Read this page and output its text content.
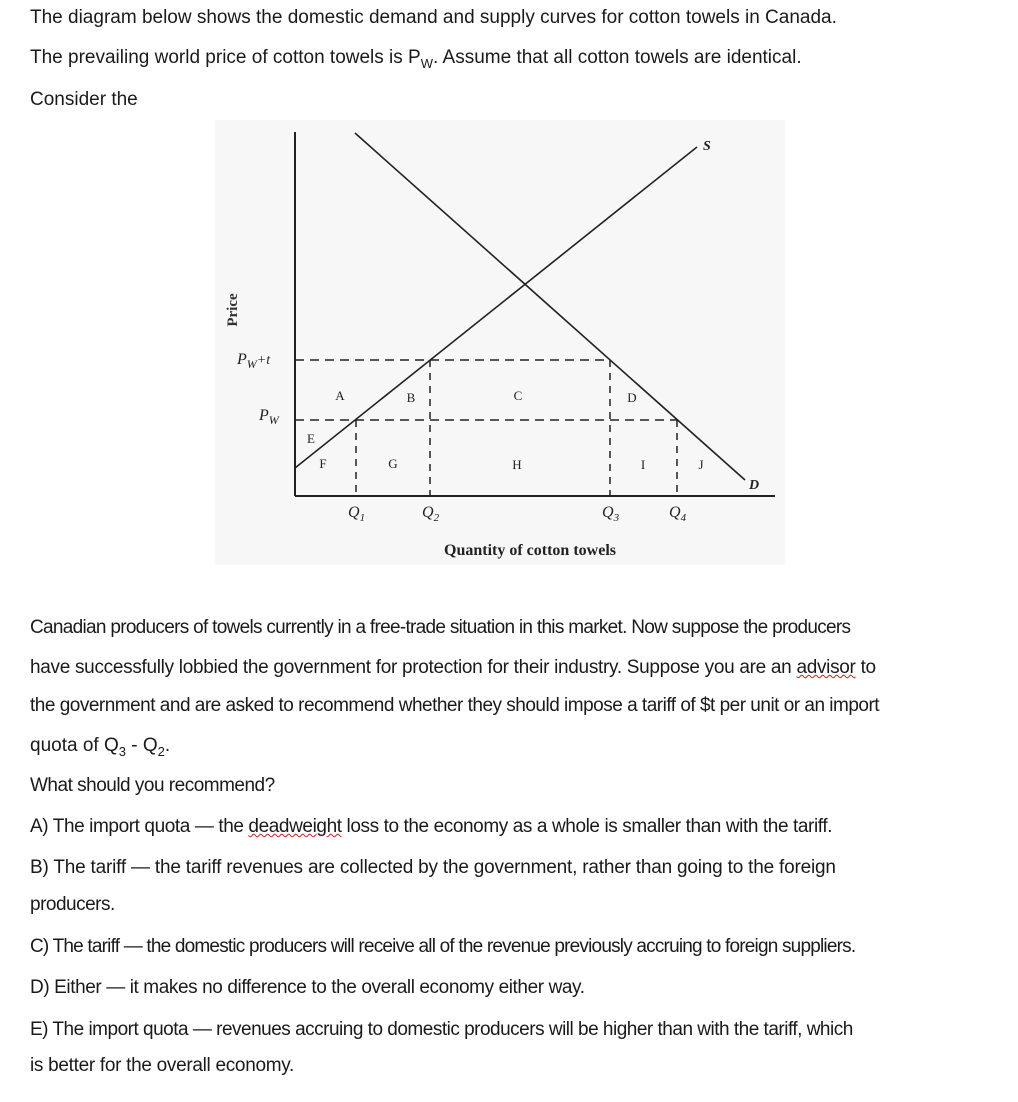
The diagram below shows the domestic demand and supply curves for cotton towels in Canada.
The prevailing world price of cotton towels is $P_W$. Assume that all cotton towels are identical.
Consider the
Price
Quantity of cotton towels
$P_W+t$
$P_W$
S
D
$Q_1$	$Q_2$	$Q_3$	$Q_4$
A	B	C	D
E
F	G	H	I	J
Canadian producers of towels currently in a free-trade situation in this market. Now suppose the producers
have successfully lobbied the government for protection for their industry. Suppose you are an advisor to
the government and are asked to recommend whether they should impose a tariff of $t per unit or an import
quota of $Q_3 - Q_2$.
What should you recommend?
A) The import quota — the deadweight loss to the economy as a whole is smaller than with the tariff.
B) The tariff — the tariff revenues are collected by the government, rather than going to the foreign
producers.
C) The tariff — the domestic producers will receive all of the revenue previously accruing to foreign suppliers.
D) Either — it makes no difference to the overall economy either way.
E) The import quota — revenues accruing to domestic producers will be higher than with the tariff, which
is better for the overall economy.
